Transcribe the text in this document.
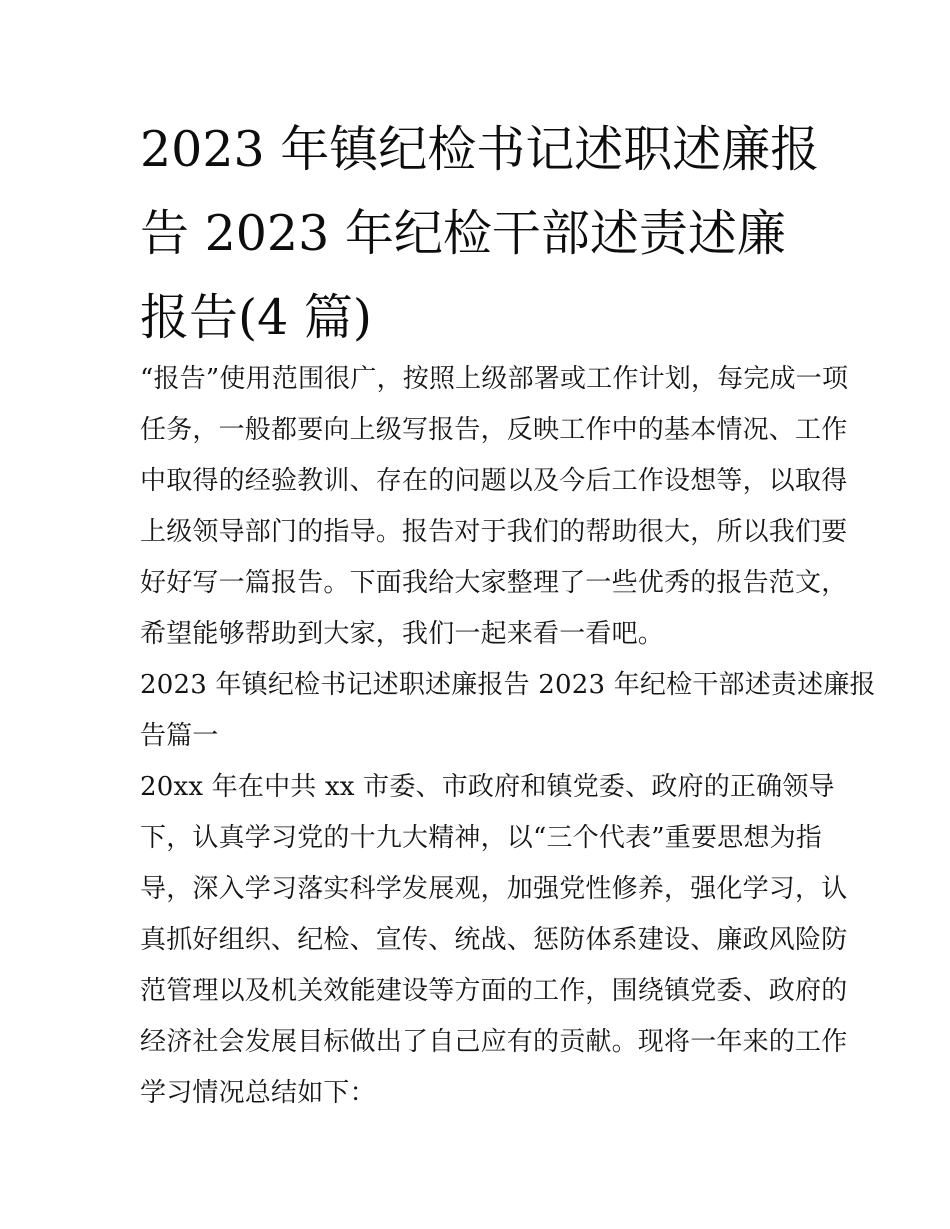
2023 年镇纪检书记述职述廉报
告 2023 年纪检干部述责述廉
报告(4 篇)
“报告”使用范围很广，按照上级部署或工作计划，每完成一项
任务，一般都要向上级写报告，反映工作中的基本情况、工作
中取得的经验教训、存在的问题以及今后工作设想等，以取得
上级领导部门的指导。报告对于我们的帮助很大，所以我们要
好好写一篇报告。下面我给大家整理了一些优秀的报告范文，
希望能够帮助到大家，我们一起来看一看吧。
2023 年镇纪检书记述职述廉报告 2023 年纪检干部述责述廉报
告篇一
20xx 年在中共 xx 市委、市政府和镇党委、政府的正确领导
下，认真学习党的十九大精神，以“三个代表”重要思想为指
导，深入学习落实科学发展观，加强党性修养，强化学习，认
真抓好组织、纪检、宣传、统战、惩防体系建设、廉政风险防
范管理以及机关效能建设等方面的工作，围绕镇党委、政府的
经济社会发展目标做出了自己应有的贡献。现将一年来的工作
学习情况总结如下：
